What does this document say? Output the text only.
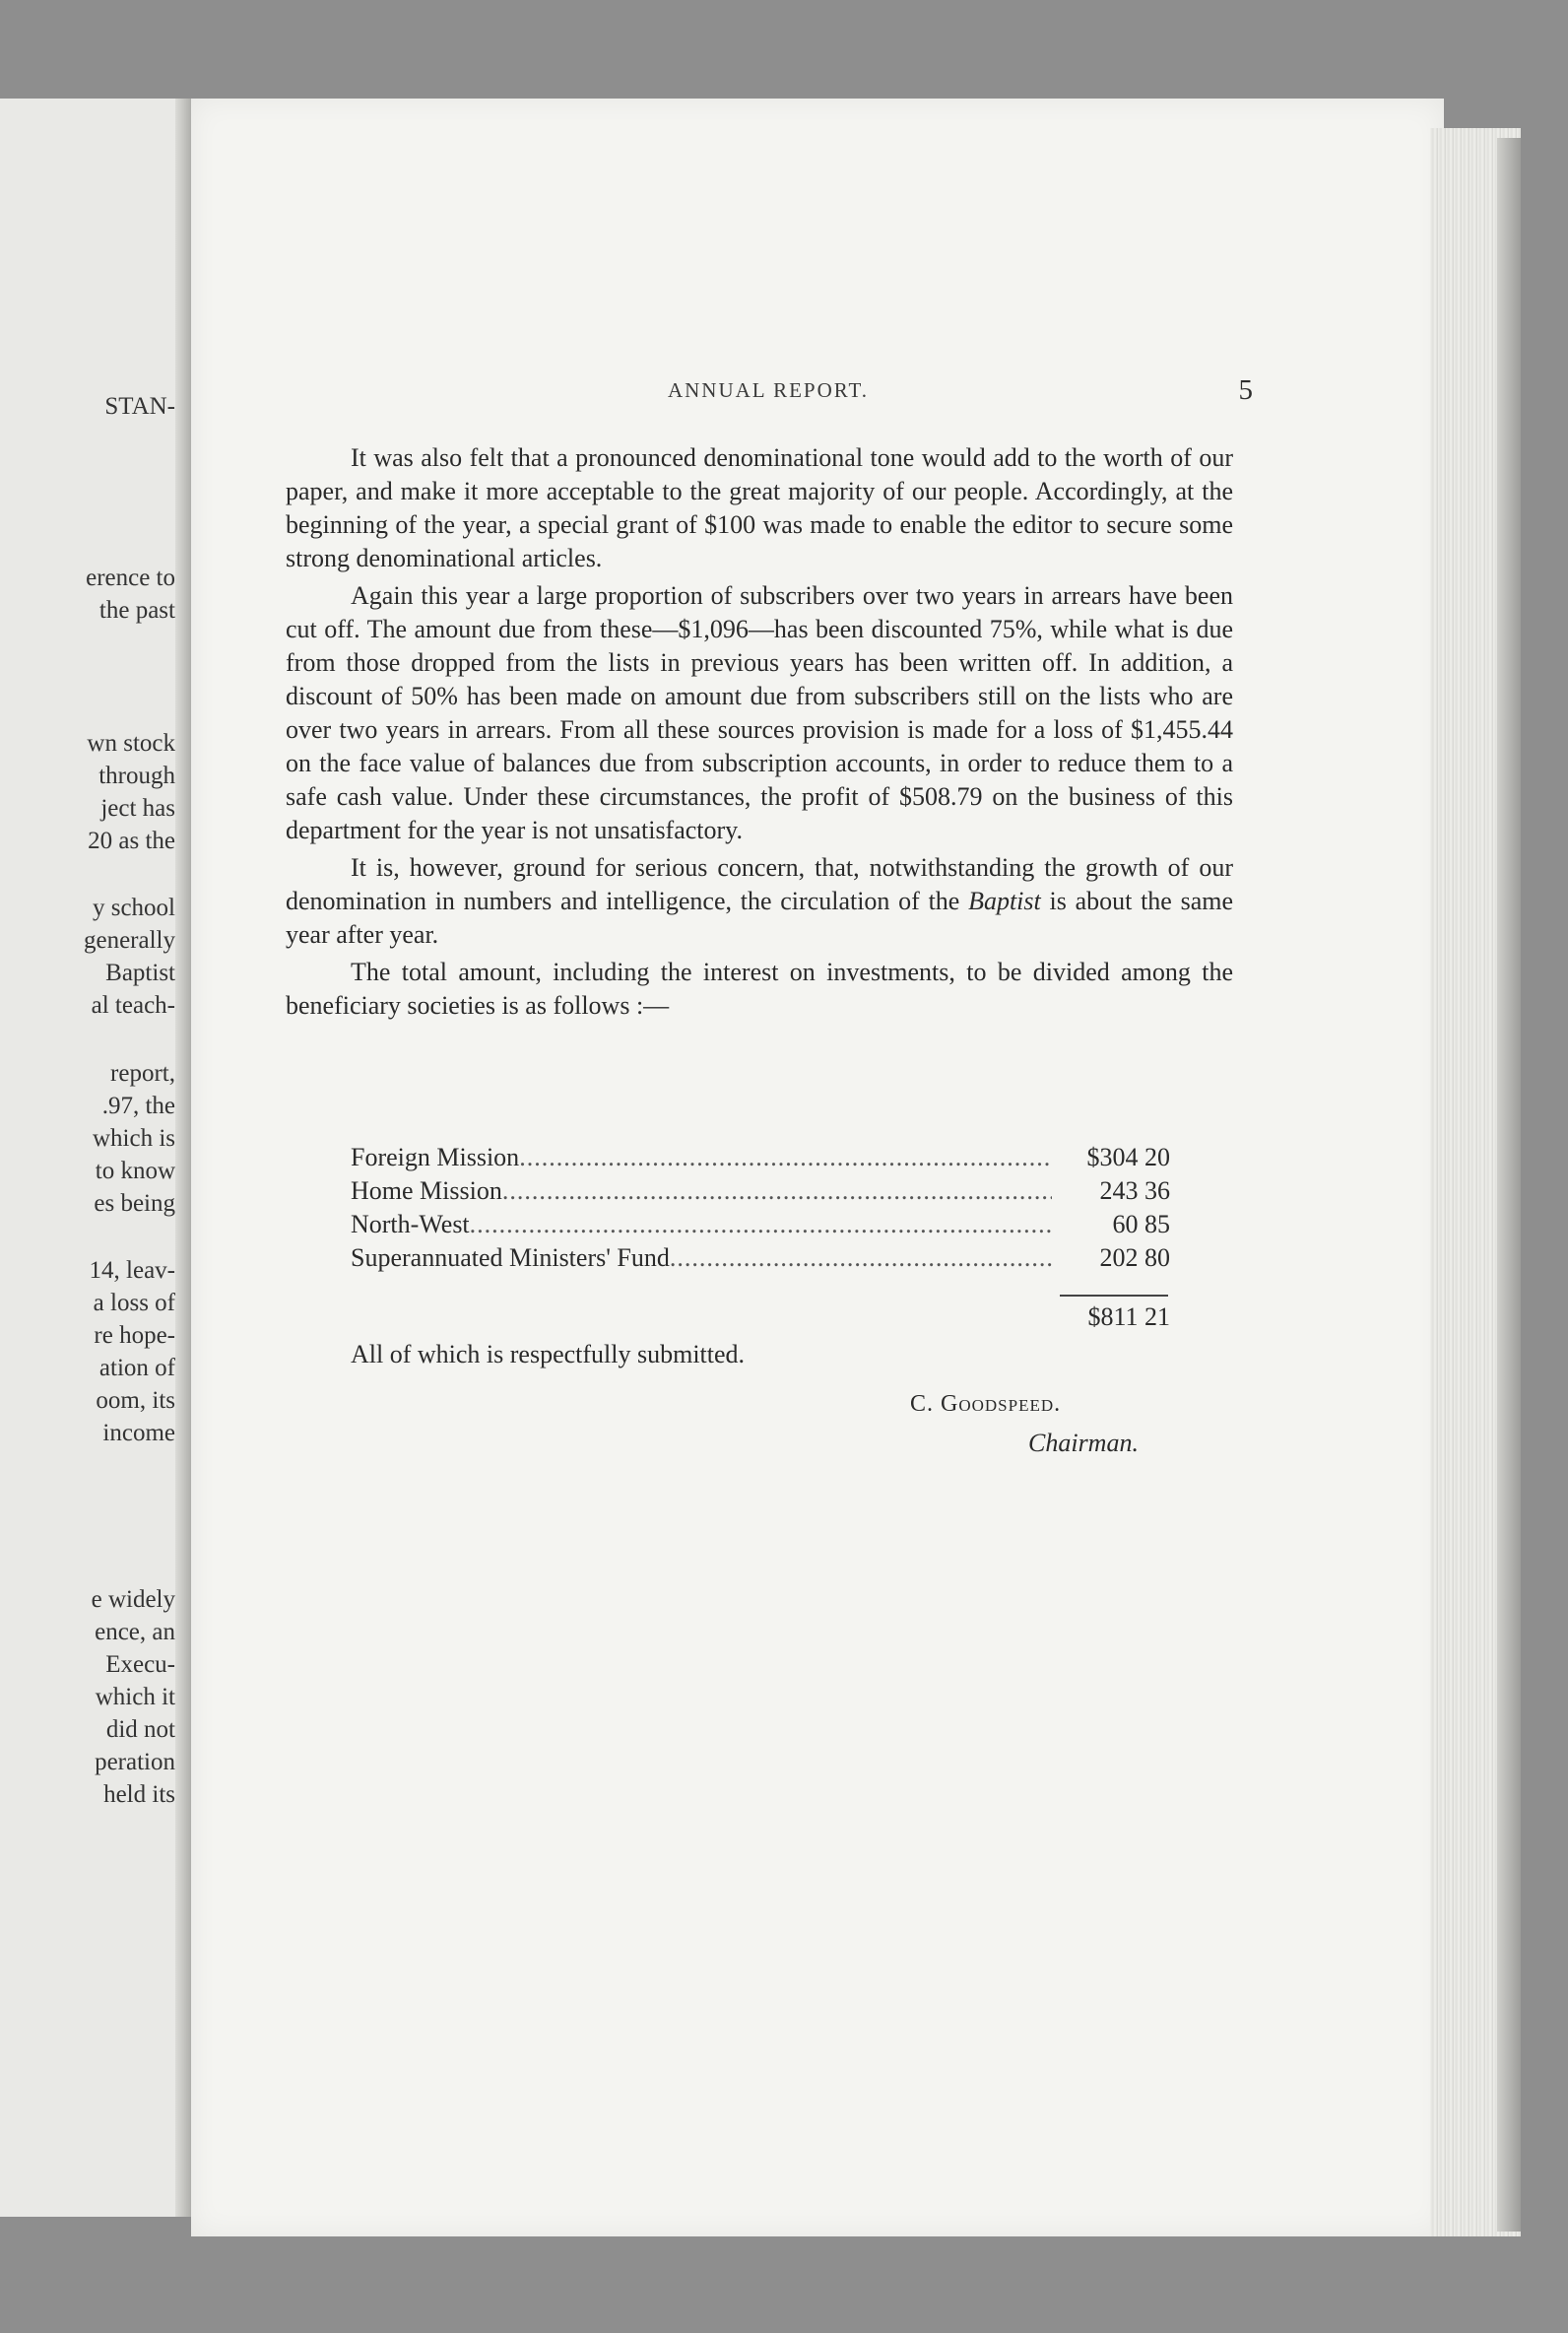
STAN-
erence to
the past
wn stock
through
ject has
20 as the
y school
generally
Baptist
al teach-
report,
.97, the
which is
to know
es being
14, leav-
a loss of
re hope-
ation of
oom, its
income
e widely
ence, an
Execu-
which it
did not
peration
held its
ANNUAL REPORT.	5

It was also felt that a pronounced denominational tone would add to the worth of our paper, and make it more acceptable to the great majority of our people. Accordingly, at the beginning of the year, a special grant of $100 was made to enable the editor to secure some strong denominational articles.

Again this year a large proportion of subscribers over two years in arrears have been cut off. The amount due from these—$1,096—has been discounted 75%, while what is due from those dropped from the lists in previous years has been written off. In addition, a discount of 50% has been made on amount due from subscribers still on the lists who are over two years in arrears. From all these sources provision is made for a loss of $1,455.44 on the face value of balances due from subscription accounts, in order to reduce them to a safe cash value. Under these circumstances, the profit of $508.79 on the business of this department for the year is not unsatisfactory.

It is, however, ground for serious concern, that, notwithstanding the growth of our denomination in numbers and intelligence, the circulation of the Baptist is about the same year after year.

The total amount, including the interest on investments, to be divided among the beneficiary societies is as follows :—

Foreign Mission .....	$304 20
Home Mission .....	243 36
North-West .....	60 85
Superannuated Ministers' Fund .....	202 80
$811 21
All of which is respectfully submitted.
C. Goodspeed.
Chairman.
